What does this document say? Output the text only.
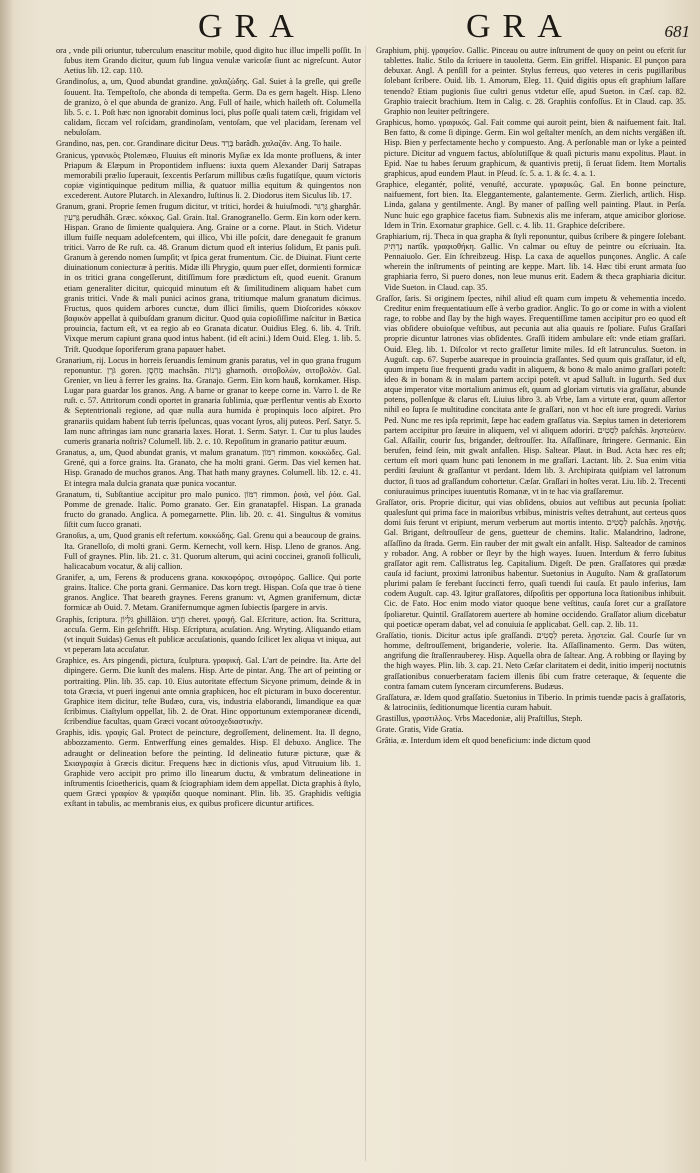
GRA	GRA	681

ora , vnde pili oriuntur, tuberculum enascitur mobile, quod digito huc illuc impelli poſſit. In ſubus item Grando dicitur, quum ſub lingua venulæ varicoſæ ſiunt ac nigreſcunt. Autor Aetius lib. 12. cap. 110.

Grandinoſus, a, um, Quod abundat grandine. χαλαζώδης. Gal. Suiet à la greſle, qui greſle ſouuent. Ita. Tempeſtoſo, che abonda di tempeſta. Germ. Da es gern hagelt. Hisp. Lleno de granizo, ò el que abunda de granizo. Ang. Full of haile, which haileth oft. Columella lib. 5. c. 1. Poſt hæc non ignorabit dominus loci, plus poſſe quali tatem cæli, frigidam vel calidam, ſiccam vel roſcidam, grandinoſam, ventoſam, que vel placidam, ſerenam vel nebuloſam.

Grandino, nas, pen. cor. Grandinare dicitur Deus. בָּרַד barâdh. χαλαζᾶν. Ang. To haile.

Granicus, γρανικὸς Ptolemæo, Fluuius eſt minoris Myſiæ ex Ida monte profluens, & inter Priapum & Elæpum in Propontidem influens: iuxta quem Alexander Darij Satrapas memorabili prælio ſuperauit, ſexcentis Perſarum millibus cæſis fugatiſque, quum victoris copiæ vigintiquinque peditum millia, & quatuor millia equitum & quingentos non excederent. Autore Plutarch. in Alexandro, Iuſtinus li. 2. Diodorus item Siculus lib. 17.

Granum, grani. Proprie ſemen frugum dicitur, vt tritici, hordei & huiuſmodi. גַּרְגִּר gharghâr. גַּרְעִין perudhâh. Græc. κόκκος. Gal. Grain. Ital. Granogranello. Germ. Ein korn oder kern. Hispan. Grano de ſimiente qualquiera. Ang. Graine or a corne. Plaut. in Stich. Videtur illum fuiſſe nequam adolefcentem, qui illico, Vbi ille poſcit, dare denegauit fe granum tritici. Varro de Re ruſt. ca. 48. Granum dictum quod eſt interius ſolidum, Et panis puſi. Granum à gerendo nomen ſumpſit; vt ſpica gerat frumentum. Cic. de Diuinat. Fiunt certe diuinationum coniecturæ à peritis. Midæ illi Phrygio, quum puer eſſet, dormienti formicæ in os tritici grana congeſſerunt, ditiſſimum fore prædictum eſt, quod euenit. Granum etiam generaliter dicitur, quicquid minutum eſt & ſimilitudinem aliquam habet cum granis tritici. Vnde & mali punici acinos grana, tritiumque malum granatum dicimus. Fructus, quos quidem arbores cunctæ, dum illici ſimilis, quem Dioſcorides κόκκον βαφικὸν appellat à quibuſdam granum dicitur. Quod quia copioſiſſime naſcitur in Bætica prouincia, factum eſt, vt ea regio ab eo Granata dicatur. Ouidius Eleg. 6. lib. 4. Triſt. Vixque merum capiunt grana quod intus habent. (id eſt acini.) Idem Ouid. Eleg. 1. lib. 5. Triſt. Quodque ſoporiferum grana papauer habet.

Granarium, rij. Locus in horreis ſeruandis ſeminum granis paratus, vel in quo grana frugum reponuntur. גֹּרֶן goren. מַחְסָן machsân. גַּרְנוֹת gharnoth. σιτοβολὼν, σιτοβολὸν. Gal. Grenier, vn lieu à ferrer les grains. Ita. Granajo. Germ. Ein korn hauß, kornkamer. Hisp. Lugar para guardar los granos. Ang. A barne or granar to keepe corne in. Varro l. de Re ruſt. c. 57. Attritorum condi oportet in granaria ſublimia, quæ perflentur ventis ab Exorto & Septentrionali regione, ad quæ nulla aura humida è propinquis loco aſpiret. Pro granariis quidam habent ſub terris ſpeluncas, quas vocant ſyros, alij puteos. Perſ. Satyr. 5. Iam nunc aftringas iam nunc granaria laxes. Horat. 1. Serm. Satyr. 1. Cur tu plus laudes cumeris granaria noſtris? Columell. lib. 2. c. 10. Repoſitum in granario patitur æuum.

Granatus, a, um, Quod abundat granis, vt malum granatum. רִמּוֹן rimmon. κοκκώδες. Gal. Grené, qui a force grains. Ita. Granato, che ha molti grani. Germ. Das viel kernen hat. Hisp. Granado de muchos granos. Ang. That hath many graynes. Columell. lib. 12. c. 41. Et integra mala dulcia granata quæ punica vocantur.

Granatum, ti, Subſtantiue accipitur pro malo punico. רִמּוֹן rimmon. ῥοιὰ, vel ῥόα. Gal. Pomme de grenade. Italic. Pomo granato. Ger. Ein granatapfel. Hispan. La granada fructo do granado. Anglica. A pomegarnette. Plin. lib. 20. c. 41. Singultus & vomitus ſiſtit cum ſucco granati.

Granoſus, a, um, Quod granis eſt refertum. κοκκώδης. Gal. Grenu qui a beaucoup de grains. Ita. Granelloſo, di molti grani. Germ. Kernecht, voll kern. Hisp. Lleno de granos. Ang. Full of graynes. Plin. lib. 21. c. 31. Quorum alterum, qui acini coccinei, granoſi folliculi, halicacabum vocatur, & alij callion.

Granifer, a, um, Ferens & producens grana. κοκκοφόρος. σιτοφόρος. Gallice. Qui porte grains. Italice. Che porta grani. Germanice. Das korn tregt. Hispan. Coſa que trae ò tiene granos. Anglice. That beareth graynes. Ferens granum: vt, Agmen granifernum, dictæ formicæ ab Ouid. 7. Metam. Granifernumque agmen ſubiectis ſpargere in arvis.

Graphis, ſcriptura. גִּלְּיוֹן ghillâion. חֶרֶט cheret. γραφή. Gal. Eſcriture, action. Ita. Scrittura, accuſa. Germ. Ein geſchrifft. Hisp. Eſcriptura, acuſation. Ang. Wryting. Aliquando etiam (vt inquit Suidas) Genus eſt publicæ accuſationis, quando ſcilicet lex aliqua vt iniqua, aut vt peperam lata accuſatur.

Graphice, es. Ars pingendi, pictura, ſculptura. γραφικὴ. Gal. L'art de peindre. Ita. Arte del dipingere. Germ. Die kunſt des malens. Hisp. Arte de pintar. Ang. The art of peinting or portraiting. Plin. lib. 35. cap. 10. Eius autoritate effectum Sicyone primum, deinde & in tota Græcia, vt pueri ingenui ante omnia graphicen, hoc eſt picturam in buxo docerentur. Graphice item dicitur, teſte Budæo, cura, vis, industria elaborandi, limandique ea quæ ſcribimus. Ciaſtylum oppellat, lib. 2. de Orat. Hinc opportunum extemporaneæ dicendi, ſcribendiue facultas, quam Græci vocant αὐτοσχεδιαστικὴν.

Graphis, idis. γραφὶς Gal. Protect de peincture, degroſſement, delinement. Ita. Il degno, abbozzamento. Germ. Entwerffung eines gemaldes. Hisp. El debuxo. Anglice. The adraught or delineation before the peinting. Id delineatio futuræ picturæ, quæ & Σκιαγραφία à Græcis dicitur. Frequens hæc in dictionis vſus, apud Vitruuium lib. 1. Graphide vero accipit pro primo illo linearum ductu, & vmbratum delineatione in inſtrumentis ſcioethericis, quam & ſciographiam idem dem appellat. Dicta graphis à ſtylo, quem Græci γραφίον & γραφίδα quoque nominant. Plin. lib. 35. Graphidis veſtigia exſtant in tabulis, ac membranis eius, ex quibus proficere dicuntur artifices.

Graphium, phij. γραφεῖον. Gallic. Pinceau ou autre inſtrument de quoy on peint ou efcrit ſur tablettes. Italic. Stilo da ſcriuere in tauoletta. Germ. Ein griffel. Hispanic. El punçon para debuxar. Angl. A penſill for a peinter. Stylus ferreus, quo veteres in ceris pugillaribus ſolebant ſcribere. Ouid. lib. 1. Amorum, Eleg. 11. Quid digitis opus eſt graphium laſſare tenendo? Etiam pugionis ſiue cultri genus vtdetur eſſe, apud Sueton. in Cæſ. cap. 82. Graphio traiecit brachium. Item in Calig. c. 28. Graphiis confoſſus. Et in Claud. cap. 35. Graphio non leuiter peſtringere.

Graphicus, homo. γραφικός. Gal. Fait comme qui auroit peint, bien & naifuement fait. Ital. Ben fatto, & come ſi dipinge. Germ. Ein wol geſtalter menſch, an dem nichts vergäßen iſt. Hisp. Bien y perfectamente hecho y compuesto. Ang. A perſonable man or lyke a peinted picture. Dicitur ad vnguem factus, abſolutiſſque & quaſi picturis manu expolitus. Plaut. in Epid. Nae tu habes ſeruum graphicum, & quantivis pretij, ſi ſeruat ſidem. Item Mortalis graphicus, apud eundem Plaut. in Pſeud. ſc. 5. a. 1. & ſc. 4. a. 1.

Graphice, elegantér, polité, venuſté, accurate. γραφικῶς. Gal. En bonne peincture, naifuement, fort bien. Ita. Eleggantemente, galantemente. Germ. Zierlich, artlich. Hisp. Linda, galana y gentilmente. Angl. By maner of paſſing well painting. Plaut. in Perſa. Nunc huic ego graphice facetus fiam. Subnexis alis me inferam, atque amicibor gloriose. Idem in Trin. Exornatur graphice. Gell. c. 4. lib. 11. Graphice deſcribere.

Graphiarium, rij. Theca in qua grapha & ſtyli reponuntur, quibus ſcribere & pingere ſolebant. נַרְתִּיק nartîk. γραφιοθήκη. Gallic. Vn calmar ou eſtuy de peintre ou eſcriuain. Ita. Pennaiuolo. Ger. Ein ſchreibzeug. Hisp. La caxa de aquellos punçones. Anglic. A caſe wherein the inſtruments of peinting are keppe. Mart. lib. 14. Hæc tibi erunt armata ſuo graphiaria ferro, Si puero dones, non leue munus erit. Eadem & theca graphiaria dicitur. Vide Sueton. in Claud. cap. 35.

Graſſor, ſaris. Si originem ſpectes, nihil aliud eſt quam cum impetu & vehementia incedo. Creditur enim frequentatiuum eſſe à verbo gradior. Anglic. To go or come in with a violent rage, to robbe and ſlay by the high wayes. Frequentiſſime tamen accipitur pro eo quod eſt vias obſidere obuioſque veſtibus, aut pecunia aut alia quauis re ſpoliare. Fuſus Graſſari proprie dicuntur latrones vias obſidentes. Graſſi itidem ambulare eſt: vnde etiam graſſari. Ouid. Eleg. lib. 1. Diſcolor vt recto graſſetur limite miles. Id eſt latrunculus. Sueton. in Auguſt. cap. 67. Superbe auareque in prouincia graſſantes. Sed quum quis graſſatur, id eſt, quum impetu ſiue frequenti gradu vadit in aliquem, & bono & malo animo graſſari poteſt: ideo & in bonam & in malam partem accipi poteſt. vt apud Salluſt. in Iugurth. Sed dux atque imperator vitæ mortalium animus eſt, quum ad gloriam virtutis via graſſatur, abunde potens, pollenſque & clarus eſt. Liuius libro 3. ab Vrbe, Iam a virtute erat, quum aſſertor nihil eo ſupra ſe multitudine concitata ante ſe graſſari, non vt hoc eſt iure progredi. Varius Ped. Nunc me res ipſa reprimit, ſæpe hac eadem graſſatus via. Sæpius tamen in deteriorem partem accipitur pro ſæuire in aliquem, vel vi aliquem adoriri. לְסְטִים paſchâs. ληστεύειν. Gal. Aſſailir, courir ſus, brigander, deſtrouſſer. Ita. Aſſaſſinare, ſtringere. Germanic. Ein berufen, feind ſein, mit gwalt anfallen. Hisp. Saltear. Plaut. in Bud. Acta hæc res eſt; certum eſt mori quam hunc pati lenonem in me graſſari. Lactant. lib. 2. Sua enim vitia perditi ſæuiunt & graſſantur vt perdant. Idem lib. 3. Archipirata quiſpiam vel latronum ductor, ſi tuos ad graſſandum cohortetur. Cæſar. Graſſari in hoſtes verat. Liu. lib. 2. Trecenti coniurauimus principes iuuentutis Romanæ, vt in te hac via graſſaremur.

Graſſator, oris. Proprie dicitur, qui vias obſidens, obuios aut veſtibus aut pecunia ſpoliat: qualesſunt qui prima face in maioribus vrbibus, ministris veſtes detrahunt, aut certeus quos domi ſuis ferunt vt eripiunt, merum verberum aut mortis intento. לְסְטִים paſchâs. λῃστής. Gal. Brigant, deſtrouſſeur de gens, guetteur de chemins. Italic. Malandrino, ladrone, aſſaſſino da ſtrada. Germ. Ein rauber der mit gwalt ein anfallt. Hisp. Salteador de caminos y robador. Ang. A robber or ſleyr by the high wayes. Iuuen. Interdum & ferro ſubitus graſſator agit rem. Callistratus leg. Capitalium. Digeſt. De pœn. Graſſatores qui prædæ cauſa id faciunt, proximi latronibus habentur. Suetonius in Auguſto. Nam & graſſatorum plurimi palam ſe ferebant ſuccincti ferro, quaſi tuendi ſui cauſa. Et paulo inferius, Iam codem Auguſt. cap. 43. Igitur graſſatores, diſpoſitis per opportuna loca ſtationibus inhibuit. Cic. de Fato. Hoc enim modo viator quoque bene veſtitus, cauſa ſoret cur a graſſatore ſpoliaretur. Quintil. Graſſatorem auertere ab homine occidendo. Graſſator alium dicebatur qui poeticæ operam dabat, vel ad conuiuia ſe applicabat. Gell. cap. 2. lib. 11.

Graſſatio, tionis. Dicitur actus ipſe graſſandi. לְסְטִים pereta. λῃστεία. Gal. Courſe ſur vn homme, deſtrouſſement, briganderie, volerie. Ita. Aſſaſſinamento. Germ. Das wüten, angrifung die ſtraſſenrauberey. Hisp. Aquella obra de ſaltear. Ang. A robbing or ſlaying by the high wayes. Plin. lib. 3. cap. 21. Neto Cæſar claritatem ei dedit, initio imperij noctutnis graſſationibus conuerberatam faciem illenis ſibi cum fratre ceteraque, & ſequente die contra famam cutem ſynceram circumferens. Budæus.

Graſſatura, æ. Idem quod graſſatio. Suetonius in Tiberio. In primis tuendæ pacis à graſſatoris, & latrociniis, ſeditionumque licentia curam habuit.

Grastillus, γραστιλλος. Vrbs Macedoniæ, alij Praſtillus, Steph.

Grate. Gratis, Vide Gratia.

Grâtia, æ. Interdum idem eſt quod beneficium: inde dictum quod
